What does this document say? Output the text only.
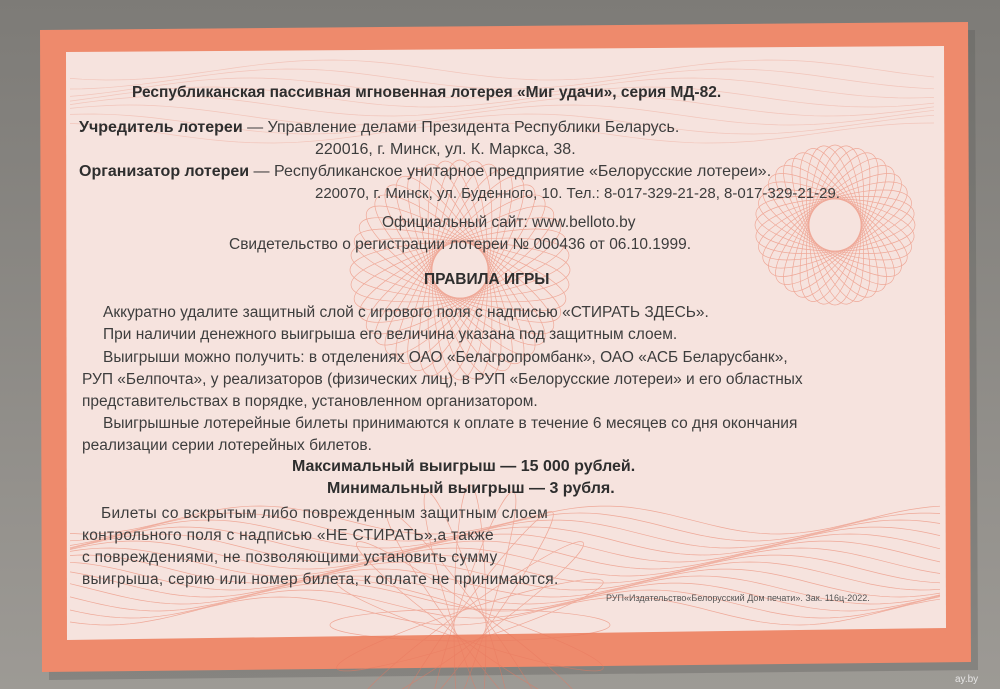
Республиканская пассивная мгновенная лотерея «Миг удачи», серия МД-82.
Учредитель лотереи — Управление делами Президента Республики Беларусь.
220016, г. Минск, ул. К. Маркса, 38.
Организатор лотереи — Республиканское унитарное предприятие «Белорусские лотереи».
220070, г. Минск, ул. Буденного, 10. Тел.: 8-017-329-21-28, 8-017-329-21-29.
Официальный сайт: www.belloto.by
Свидетельство о регистрации лотереи № 000436 от 06.10.1999.
ПРАВИЛА ИГРЫ
Аккуратно удалите защитный слой с игрового поля с надписью «СТИРАТЬ ЗДЕСЬ».
При наличии денежного выигрыша его величина указана под защитным слоем.
Выигрыши можно получить: в отделениях ОАО «Белагропромбанк», ОАО «АСБ Беларусбанк»,
РУП «Белпочта», у реализаторов (физических лиц), в РУП «Белорусские лотереи» и его областных
представительствах в порядке, установленном организатором.
Выигрышные лотерейные билеты принимаются к оплате в течение 6 месяцев со дня окончания
реализации серии лотерейных билетов.
Максимальный выигрыш — 15 000 рублей.
Минимальный выигрыш — 3 рубля.
Билеты со вскрытым либо поврежденным защитным слоем
контрольного поля с надписью «НЕ СТИРАТЬ»,а также
с повреждениями, не позволяющими установить сумму
выигрыша, серию или номер билета, к оплате не принимаются.
РУП«Издательство«Белорусский Дом печати». Зак. 116ц-2022.
ay.by
